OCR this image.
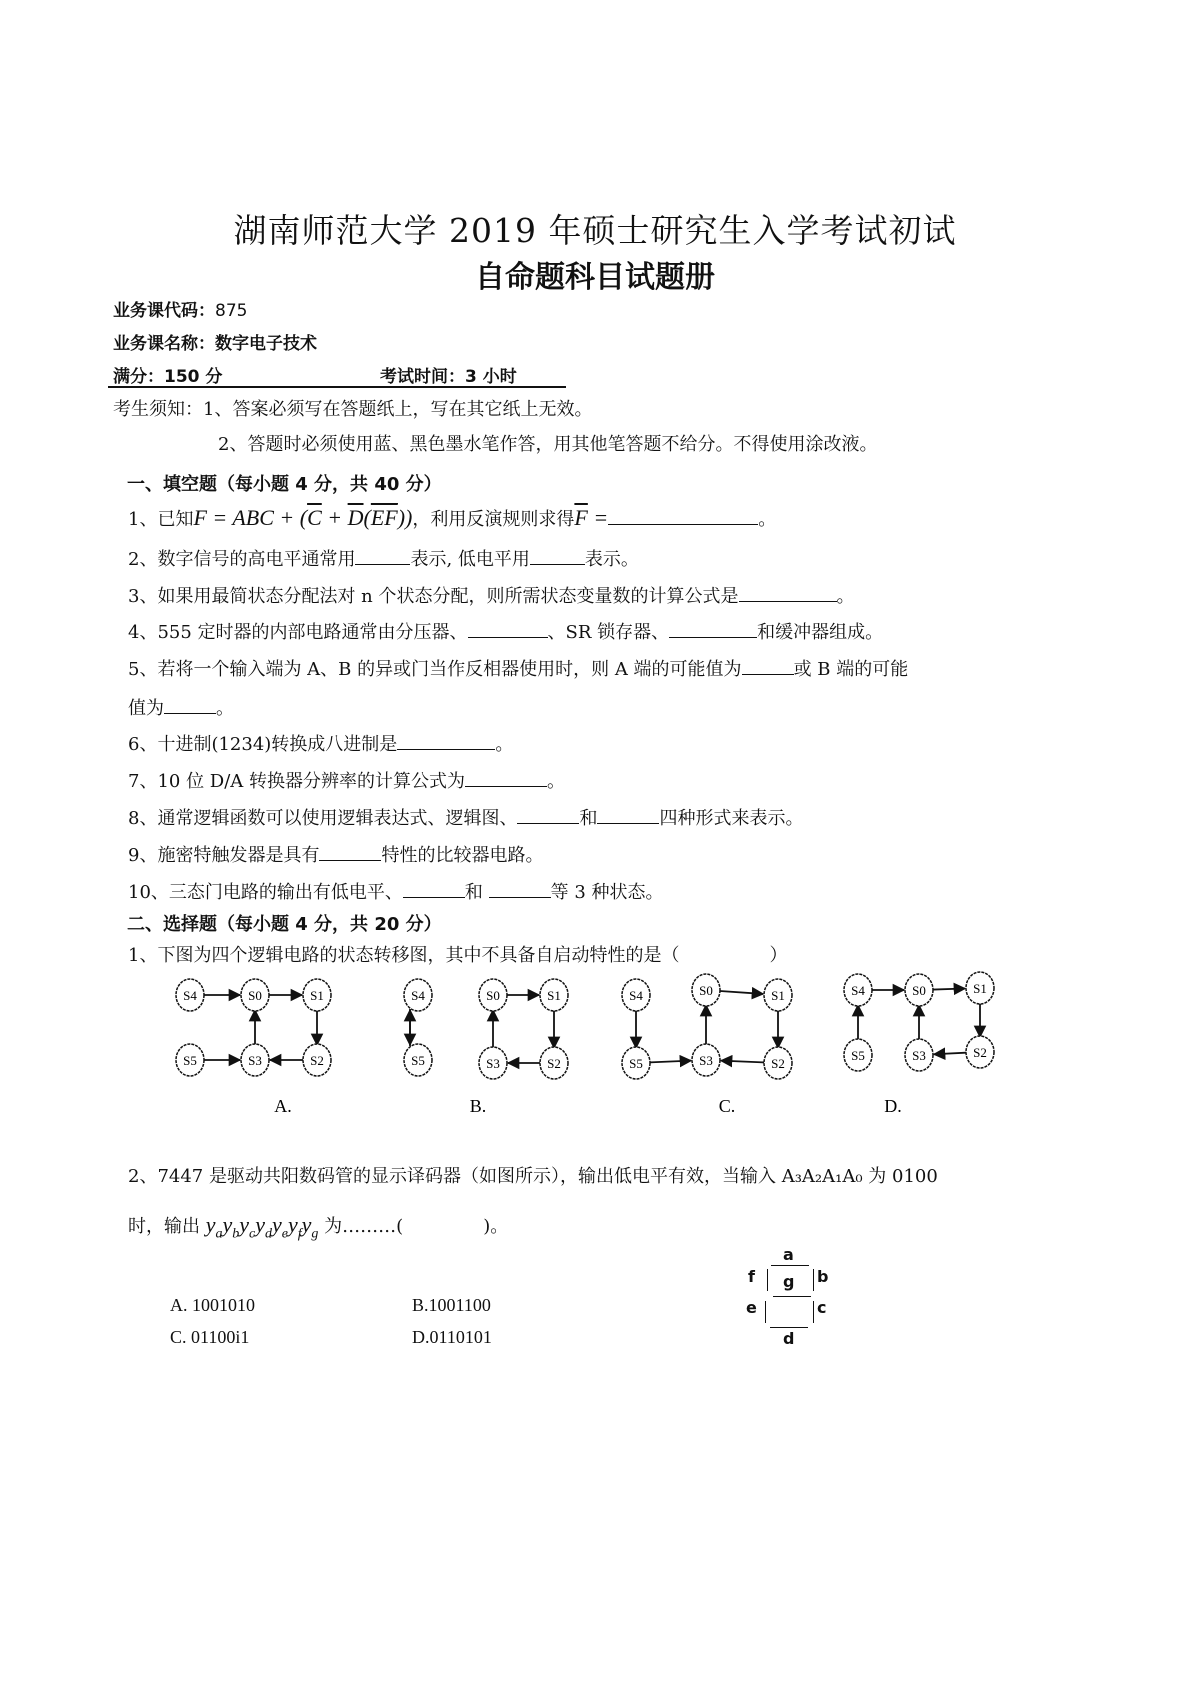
湖南师范大学 2019 年硕士研究生入学考试初试
自命题科目试题册
业务课代码：875
业务课名称：数字电子技术
满分：150 分	考试时间：3 小时
考生须知：1、答案必须写在答题纸上，写在其它纸上无效。
2、答题时必须使用蓝、黑色墨水笔作答，用其他笔答题不给分。不得使用涂改液。
一、填空题（每小题 4 分，共 40 分）
1、已知F = ABC + $(\overline{C} + \overline{D}(\overline{EF}))$，利用反演规则求得$\overline{F}$ =	。
2、数字信号的高电平通常用	表示, 低电平用	表示。
3、如果用最简状态分配法对 n 个状态分配，则所需状态变量数的计算公式是	。
4、555 定时器的内部电路通常由分压器、	、SR 锁存器、	和缓冲器组成。
5、若将一个输入端为 A、B 的异或门当作反相器使用时，则 A 端的可能值为	或 B 端的可能
值为	。
6、十进制(1234)转换成八进制是	。
7、10 位 D/A 转换器分辨率的计算公式为	。
8、通常逻辑函数可以使用逻辑表达式、逻辑图、	和	四种形式来表示。
9、施密特触发器是具有	特性的比较器电路。
10、三态门电路的输出有低电平、	和	等 3 种状态。
二、选择题（每小题 4 分，共 20 分）
1、下图为四个逻辑电路的状态转移图，其中不具备自启动特性的是（	）
S4	S0	S1
S5	S3	S2
A.
S4
S5
S0	S1
S3	S2
B.
S4	S0	S1
S5	S3	S2
C.
S4	S0	S1
S5	S3	S2
D.
2、7447 是驱动共阳数码管的显示译码器（如图所示），输出低电平有效，当输入 A₃A₂A₁A₀ 为 0100
时，输出 $y_ay_by_cy_dy_ey_fy_g$ 为………(	)。
A. 1001010	B.1001100
C. 01100i1	D.0110101
a
f g b
e	c
d
